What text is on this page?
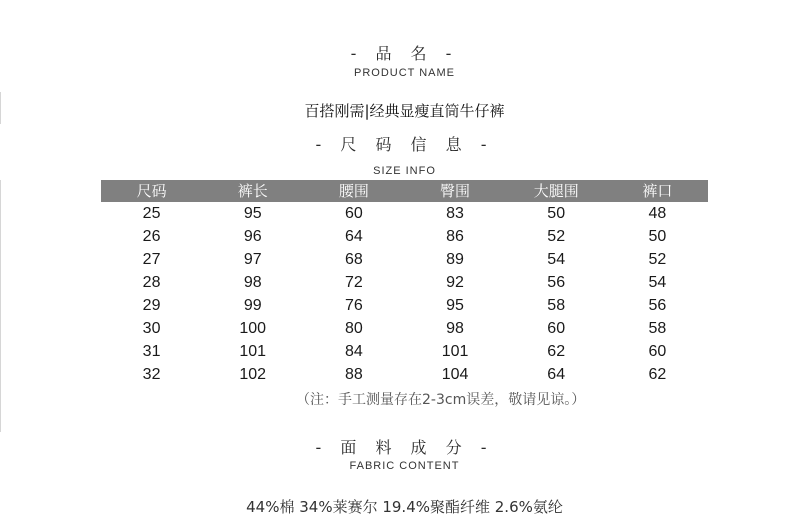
- 品 名 -
PRODUCT NAME
百搭刚需|经典显瘦直筒牛仔裤
- 尺 码 信 息 -
SIZE INFO
尺码	裤长	腰围	臀围	大腿围	裤口
25	95	60	83	50	48
26	96	64	86	52	50
27	97	68	89	54	52
28	98	72	92	56	54
29	99	76	95	58	56
30	100	80	98	60	58
31	101	84	101	62	60
32	102	88	104	64	62
（注：手工测量存在2-3cm误差，敬请见谅。）
- 面 料 成 分 -
FABRIC CONTENT
44%棉 34%莱赛尔 19.4%聚酯纤维 2.6%氨纶
